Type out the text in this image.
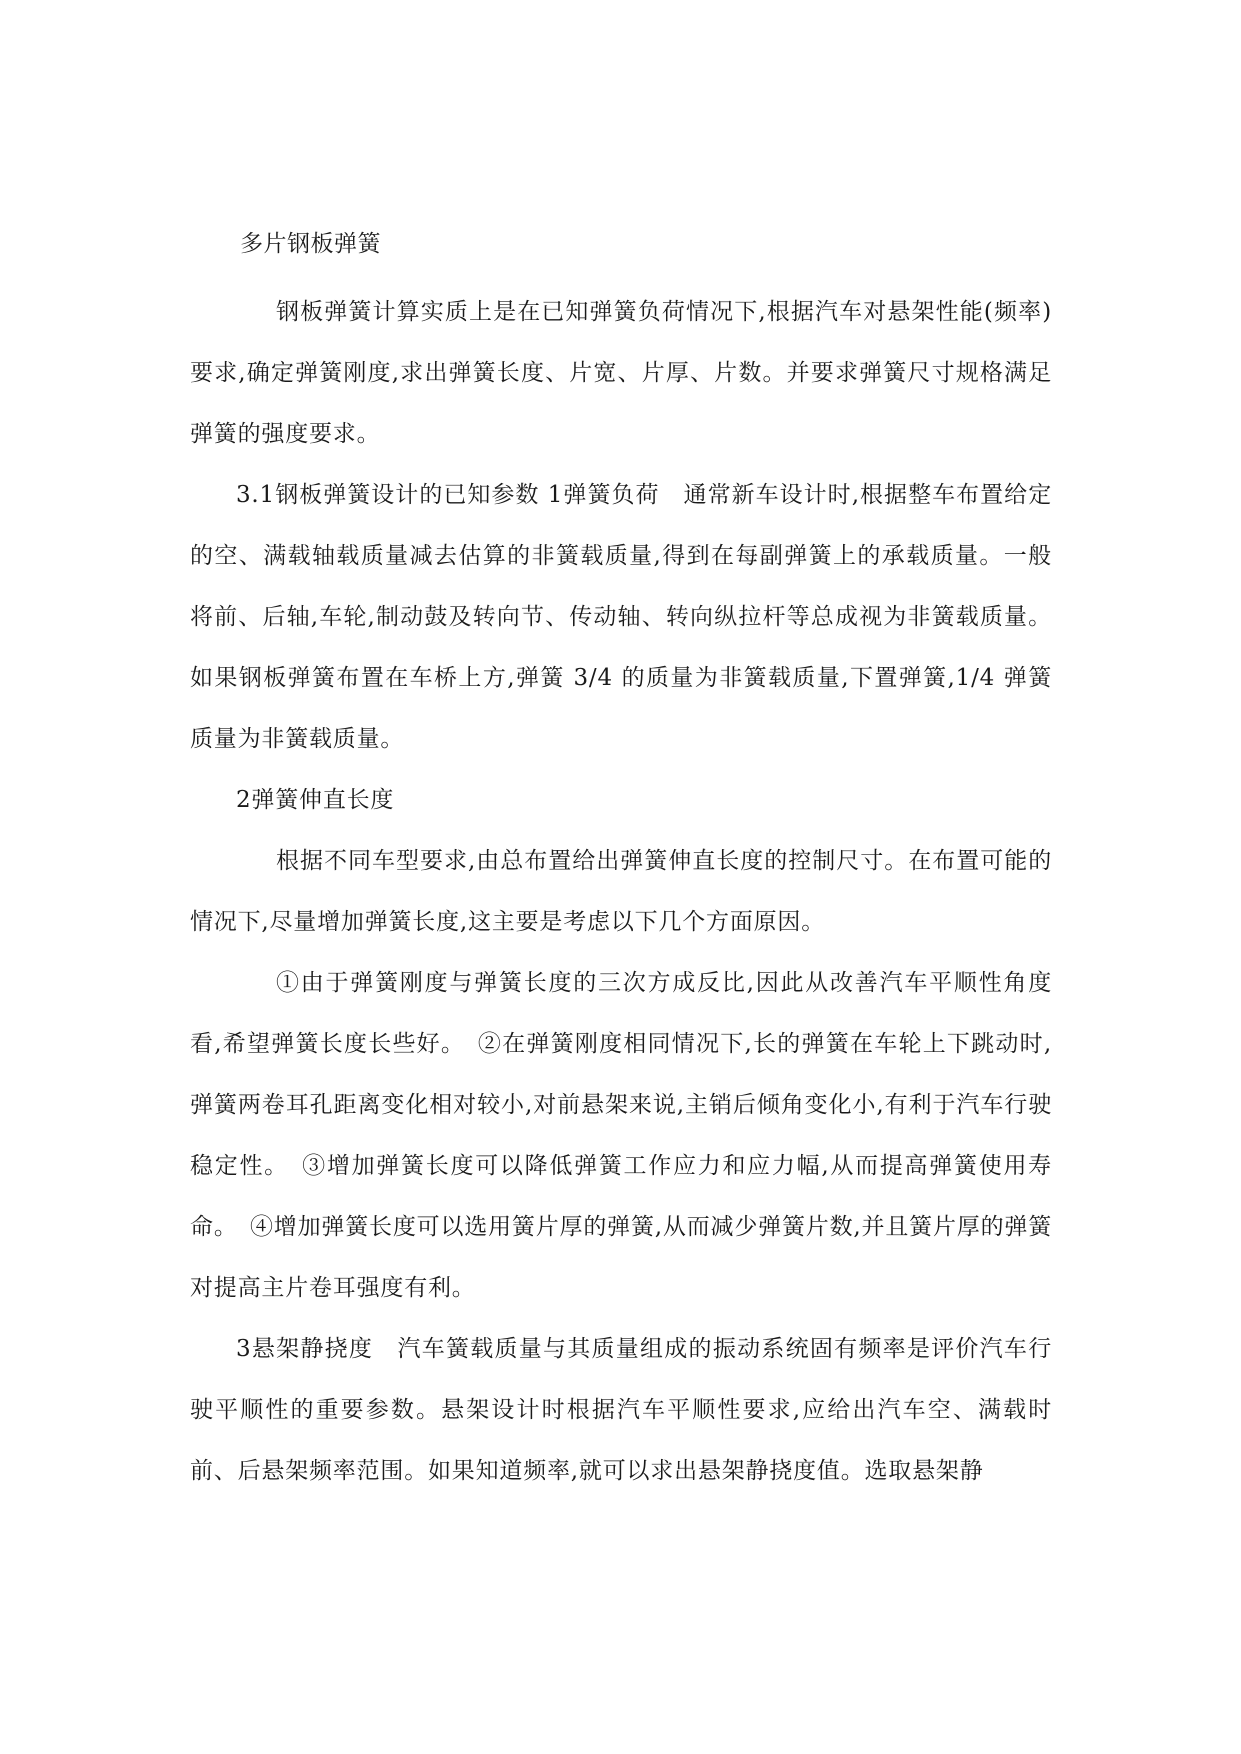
多片钢板弹簧

钢板弹簧计算实质上是在已知弹簧负荷情况下,根据汽车对悬架性能(频率)要求,确定弹簧刚度,求出弹簧长度、片宽、片厚、片数。并要求弹簧尺寸规格满足弹簧的强度要求。

3.1钢板弹簧设计的已知参数 1弹簧负荷　通常新车设计时,根据整车布置给定的空、满载轴载质量减去估算的非簧载质量,得到在每副弹簧上的承载质量。一般将前、后轴,车轮,制动鼓及转向节、传动轴、转向纵拉杆等总成视为非簧载质量。如果钢板弹簧布置在车桥上方,弹簧 3/4 的质量为非簧载质量,下置弹簧,1/4 弹簧质量为非簧载质量。

2弹簧伸直长度

根据不同车型要求,由总布置给出弹簧伸直长度的控制尺寸。在布置可能的情况下,尽量增加弹簧长度,这主要是考虑以下几个方面原因。

①由于弹簧刚度与弹簧长度的三次方成反比,因此从改善汽车平顺性角度看,希望弹簧长度长些好。　②在弹簧刚度相同情况下,长的弹簧在车轮上下跳动时,弹簧两卷耳孔距离变化相对较小,对前悬架来说,主销后倾角变化小,有利于汽车行驶稳定性。　③增加弹簧长度可以降低弹簧工作应力和应力幅,从而提高弹簧使用寿命。　④增加弹簧长度可以选用簧片厚的弹簧,从而减少弹簧片数,并且簧片厚的弹簧对提高主片卷耳强度有利。

3悬架静挠度　汽车簧载质量与其质量组成的振动系统固有频率是评价汽车行驶平顺性的重要参数。悬架设计时根据汽车平顺性要求,应给出汽车空、满载时前、后悬架频率范围。如果知道频率,就可以求出悬架静挠度值。选取悬架静
